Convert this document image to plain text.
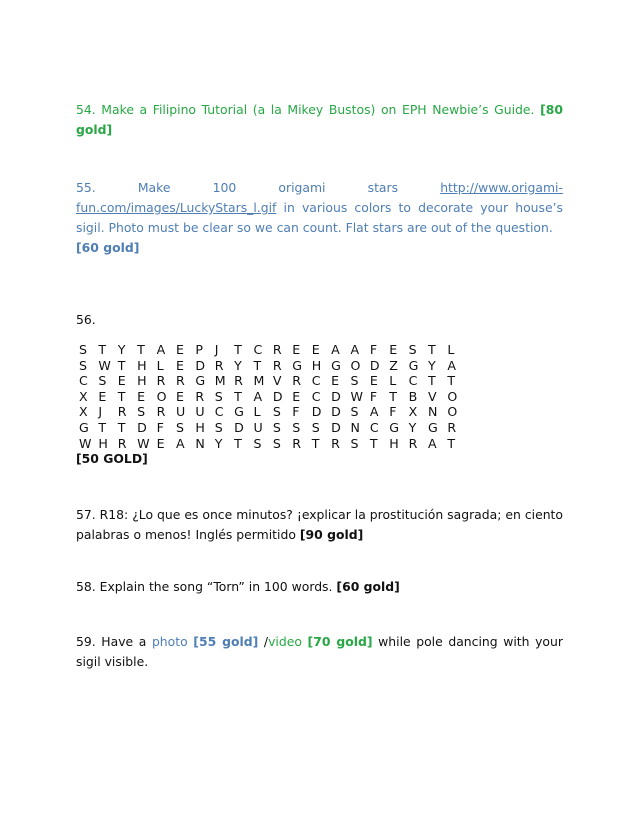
54. Make a Filipino Tutorial (a la Mikey Bustos) on EPH Newbie’s Guide. [80 gold]

55.	Make	100	origami	stars	http://www.origami-
fun.com/images/LuckyStars_l.gif in various colors to decorate your house’s sigil. Photo must be clear so we can count. Flat stars are out of the question.
[60 gold]

56.

S T Y T A E P J	T C R E E A A F E S T L
S W T H L E D R Y T R G H G O D Z G Y A
C S E H R R G M R M V R C E S E L C T T
X E T E O E R S T A D E C D W F T B V O
X J	R S R U U C G L S F D D S A F X N O
G T T D F S H S D U S S S D N C G Y G R
W H R W E A N Y T S S R T R S T H R A T
[50 GOLD]

57. R18: ¿Lo que es once minutos? ¡explicar la prostitución sagrada; en ciento palabras o menos! Inglés permitido [90 gold]

58. Explain the song “Torn” in 100 words. [60 gold]

59. Have a photo [55 gold] /video [70 gold] while pole dancing with your sigil visible.
